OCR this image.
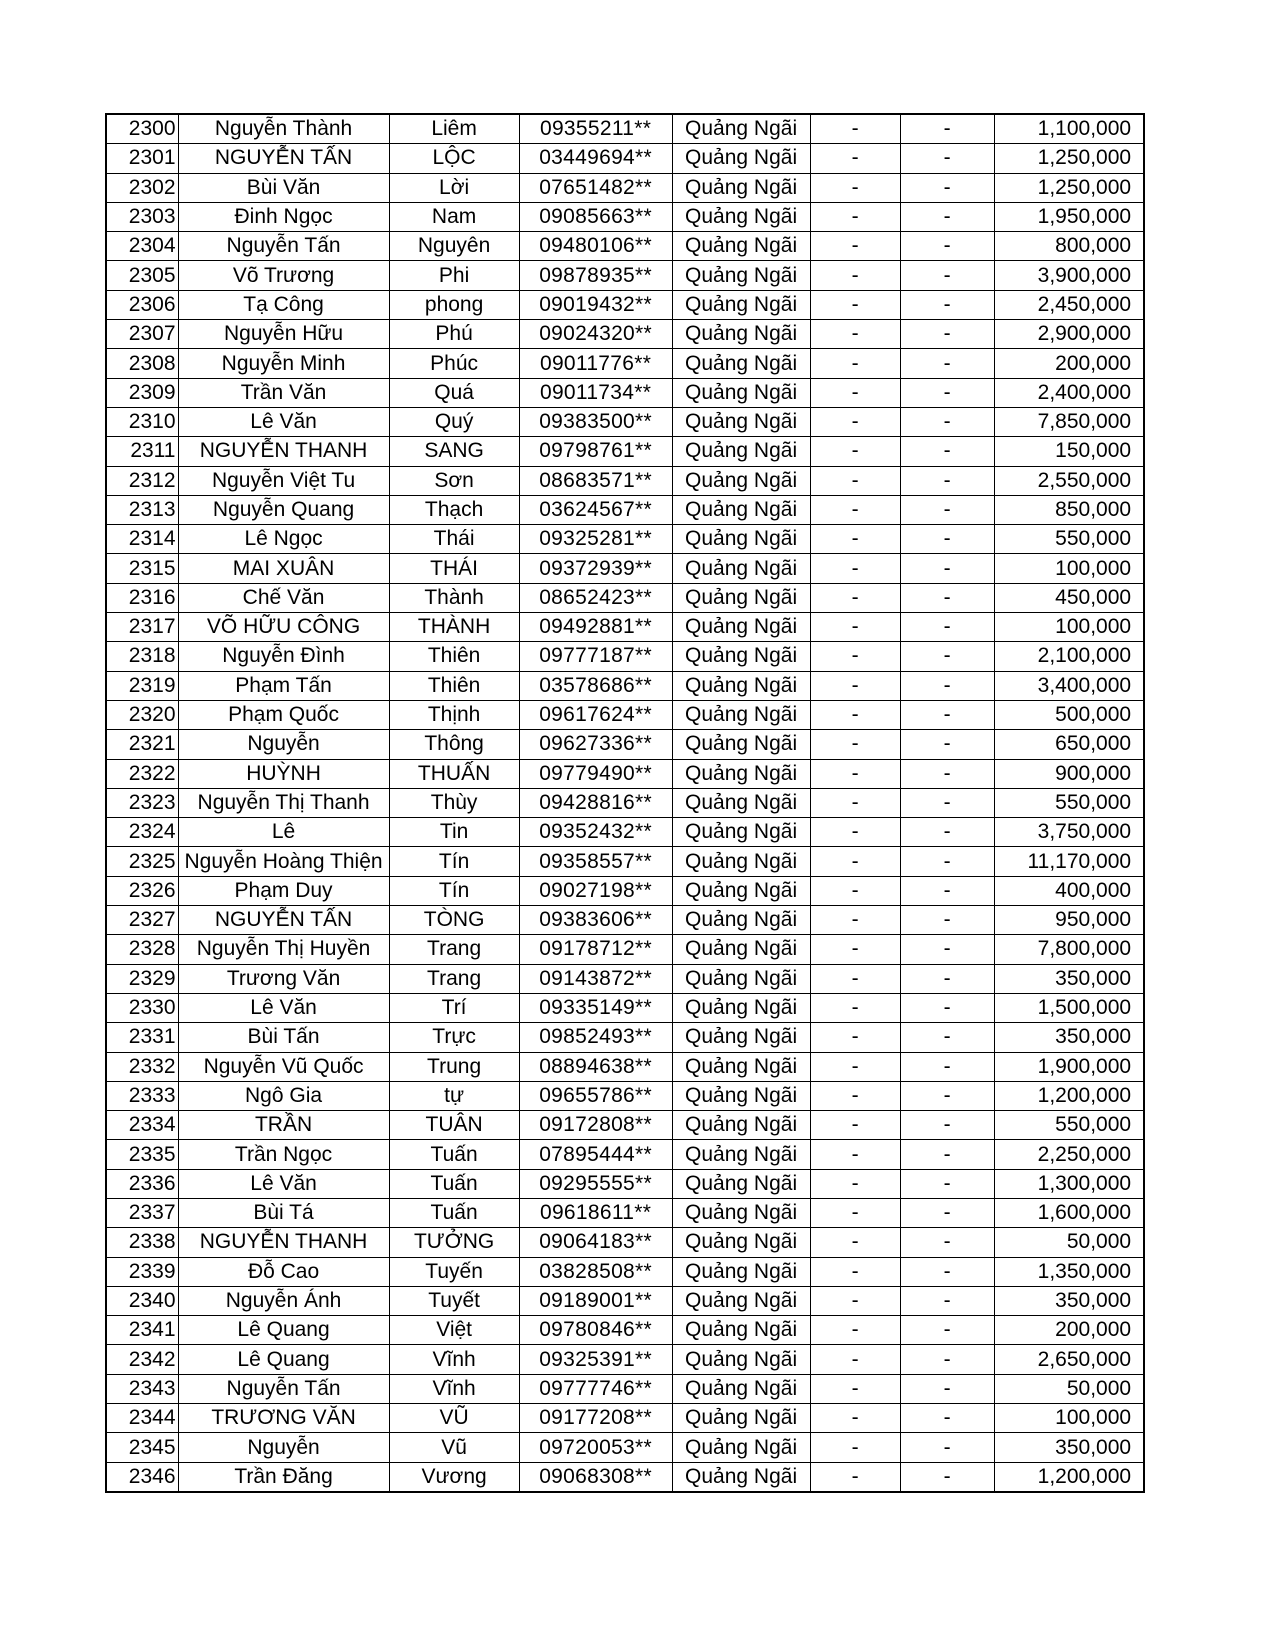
2300	Nguyễn Thành	Liêm	09355211**	Quảng Ngãi	-	-	1,100,000
2301	NGUYỄN TẤN	LỘC	03449694**	Quảng Ngãi	-	-	1,250,000
2302	Bùi Văn	Lời	07651482**	Quảng Ngãi	-	-	1,250,000
2303	Đinh Ngọc	Nam	09085663**	Quảng Ngãi	-	-	1,950,000
2304	Nguyễn Tấn	Nguyên	09480106**	Quảng Ngãi	-	-	800,000
2305	Võ Trương	Phi	09878935**	Quảng Ngãi	-	-	3,900,000
2306	Tạ Công	phong	09019432**	Quảng Ngãi	-	-	2,450,000
2307	Nguyễn Hữu	Phú	09024320**	Quảng Ngãi	-	-	2,900,000
2308	Nguyễn Minh	Phúc	09011776**	Quảng Ngãi	-	-	200,000
2309	Trần Văn	Quá	09011734**	Quảng Ngãi	-	-	2,400,000
2310	Lê Văn	Quý	09383500**	Quảng Ngãi	-	-	7,850,000
2311	NGUYỄN THANH	SANG	09798761**	Quảng Ngãi	-	-	150,000
2312	Nguyễn Việt Tu	Sơn	08683571**	Quảng Ngãi	-	-	2,550,000
2313	Nguyễn Quang	Thạch	03624567**	Quảng Ngãi	-	-	850,000
2314	Lê Ngọc	Thái	09325281**	Quảng Ngãi	-	-	550,000
2315	MAI XUÂN	THÁI	09372939**	Quảng Ngãi	-	-	100,000
2316	Chế Văn	Thành	08652423**	Quảng Ngãi	-	-	450,000
2317	VÕ HỮU CÔNG	THÀNH	09492881**	Quảng Ngãi	-	-	100,000
2318	Nguyễn Đình	Thiên	09777187**	Quảng Ngãi	-	-	2,100,000
2319	Phạm Tấn	Thiên	03578686**	Quảng Ngãi	-	-	3,400,000
2320	Phạm Quốc	Thịnh	09617624**	Quảng Ngãi	-	-	500,000
2321	Nguyễn	Thông	09627336**	Quảng Ngãi	-	-	650,000
2322	HUỲNH	THUẤN	09779490**	Quảng Ngãi	-	-	900,000
2323	Nguyễn Thị Thanh	Thùy	09428816**	Quảng Ngãi	-	-	550,000
2324	Lê	Tin	09352432**	Quảng Ngãi	-	-	3,750,000
2325	Nguyễn Hoàng Thiện	Tín	09358557**	Quảng Ngãi	-	-	11,170,000
2326	Phạm Duy	Tín	09027198**	Quảng Ngãi	-	-	400,000
2327	NGUYỄN TẤN	TÒNG	09383606**	Quảng Ngãi	-	-	950,000
2328	Nguyễn Thị Huyền	Trang	09178712**	Quảng Ngãi	-	-	7,800,000
2329	Trương Văn	Trang	09143872**	Quảng Ngãi	-	-	350,000
2330	Lê Văn	Trí	09335149**	Quảng Ngãi	-	-	1,500,000
2331	Bùi Tấn	Trực	09852493**	Quảng Ngãi	-	-	350,000
2332	Nguyễn Vũ Quốc	Trung	08894638**	Quảng Ngãi	-	-	1,900,000
2333	Ngô Gia	tự	09655786**	Quảng Ngãi	-	-	1,200,000
2334	TRẦN	TUÂN	09172808**	Quảng Ngãi	-	-	550,000
2335	Trần Ngọc	Tuấn	07895444**	Quảng Ngãi	-	-	2,250,000
2336	Lê Văn	Tuấn	09295555**	Quảng Ngãi	-	-	1,300,000
2337	Bùi Tá	Tuấn	09618611**	Quảng Ngãi	-	-	1,600,000
2338	NGUYỄN THANH	TƯỞNG	09064183**	Quảng Ngãi	-	-	50,000
2339	Đỗ Cao	Tuyến	03828508**	Quảng Ngãi	-	-	1,350,000
2340	Nguyễn Ánh	Tuyết	09189001**	Quảng Ngãi	-	-	350,000
2341	Lê Quang	Việt	09780846**	Quảng Ngãi	-	-	200,000
2342	Lê Quang	Vĩnh	09325391**	Quảng Ngãi	-	-	2,650,000
2343	Nguyễn Tấn	Vĩnh	09777746**	Quảng Ngãi	-	-	50,000
2344	TRƯƠNG VĂN	VŨ	09177208**	Quảng Ngãi	-	-	100,000
2345	Nguyễn	Vũ	09720053**	Quảng Ngãi	-	-	350,000
2346	Trần Đăng	Vương	09068308**	Quảng Ngãi	-	-	1,200,000
